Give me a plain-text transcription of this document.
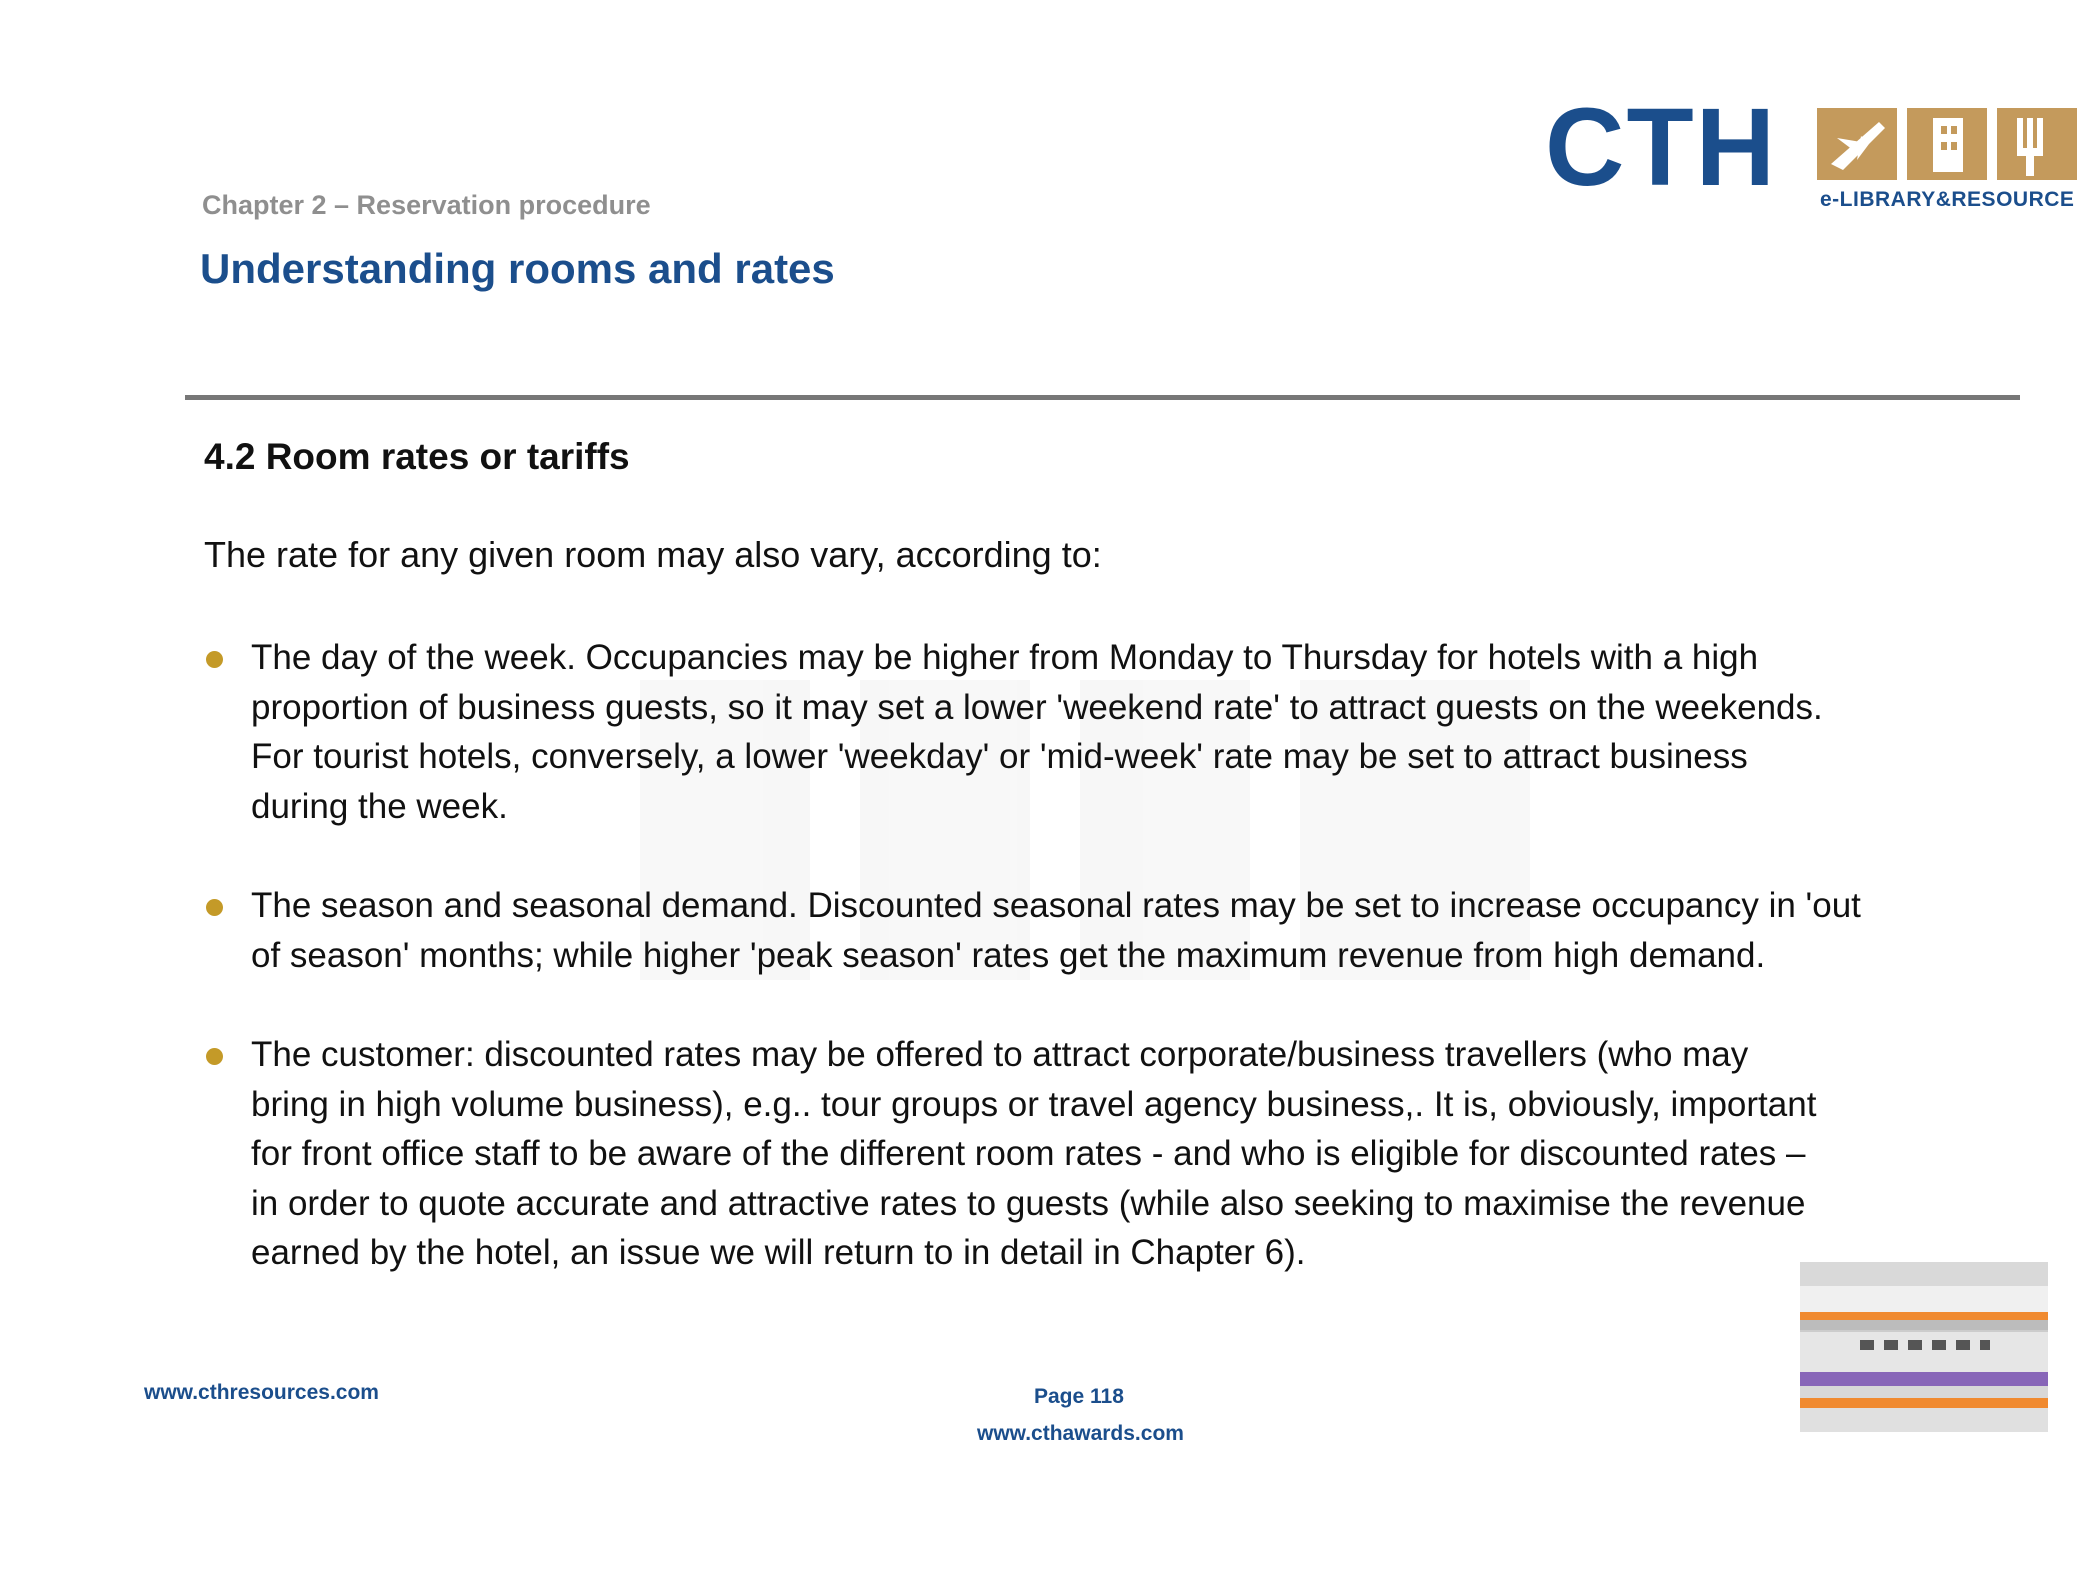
CTH e-LIBRARY&RESOURCE
Chapter 2 – Reservation procedure
Understanding rooms and rates
4.2 Room rates or tariffs
The rate for any given room may also vary, according to:
The day of the week. Occupancies may be higher from Monday to Thursday for hotels with a high
proportion of business guests, so it may set a lower 'weekend rate' to attract guests on the weekends.
For tourist hotels, conversely, a lower 'weekday' or 'mid-week' rate may be set to attract business
during the week.
The season and seasonal demand. Discounted seasonal rates may be set to increase occupancy in 'out
of season' months; while higher 'peak season' rates get the maximum revenue from high demand.
The customer: discounted rates may be offered to attract corporate/business travellers (who may
bring in high volume business), e.g.. tour groups or travel agency business,. It is, obviously, important
for front office staff to be aware of the different room rates - and who is eligible for discounted rates –
in order to quote accurate and attractive rates to guests (while also seeking to maximise the revenue
earned by the hotel, an issue we will return to in detail in Chapter 6).
www.cthresources.com	Page 118
www.cthawards.com
